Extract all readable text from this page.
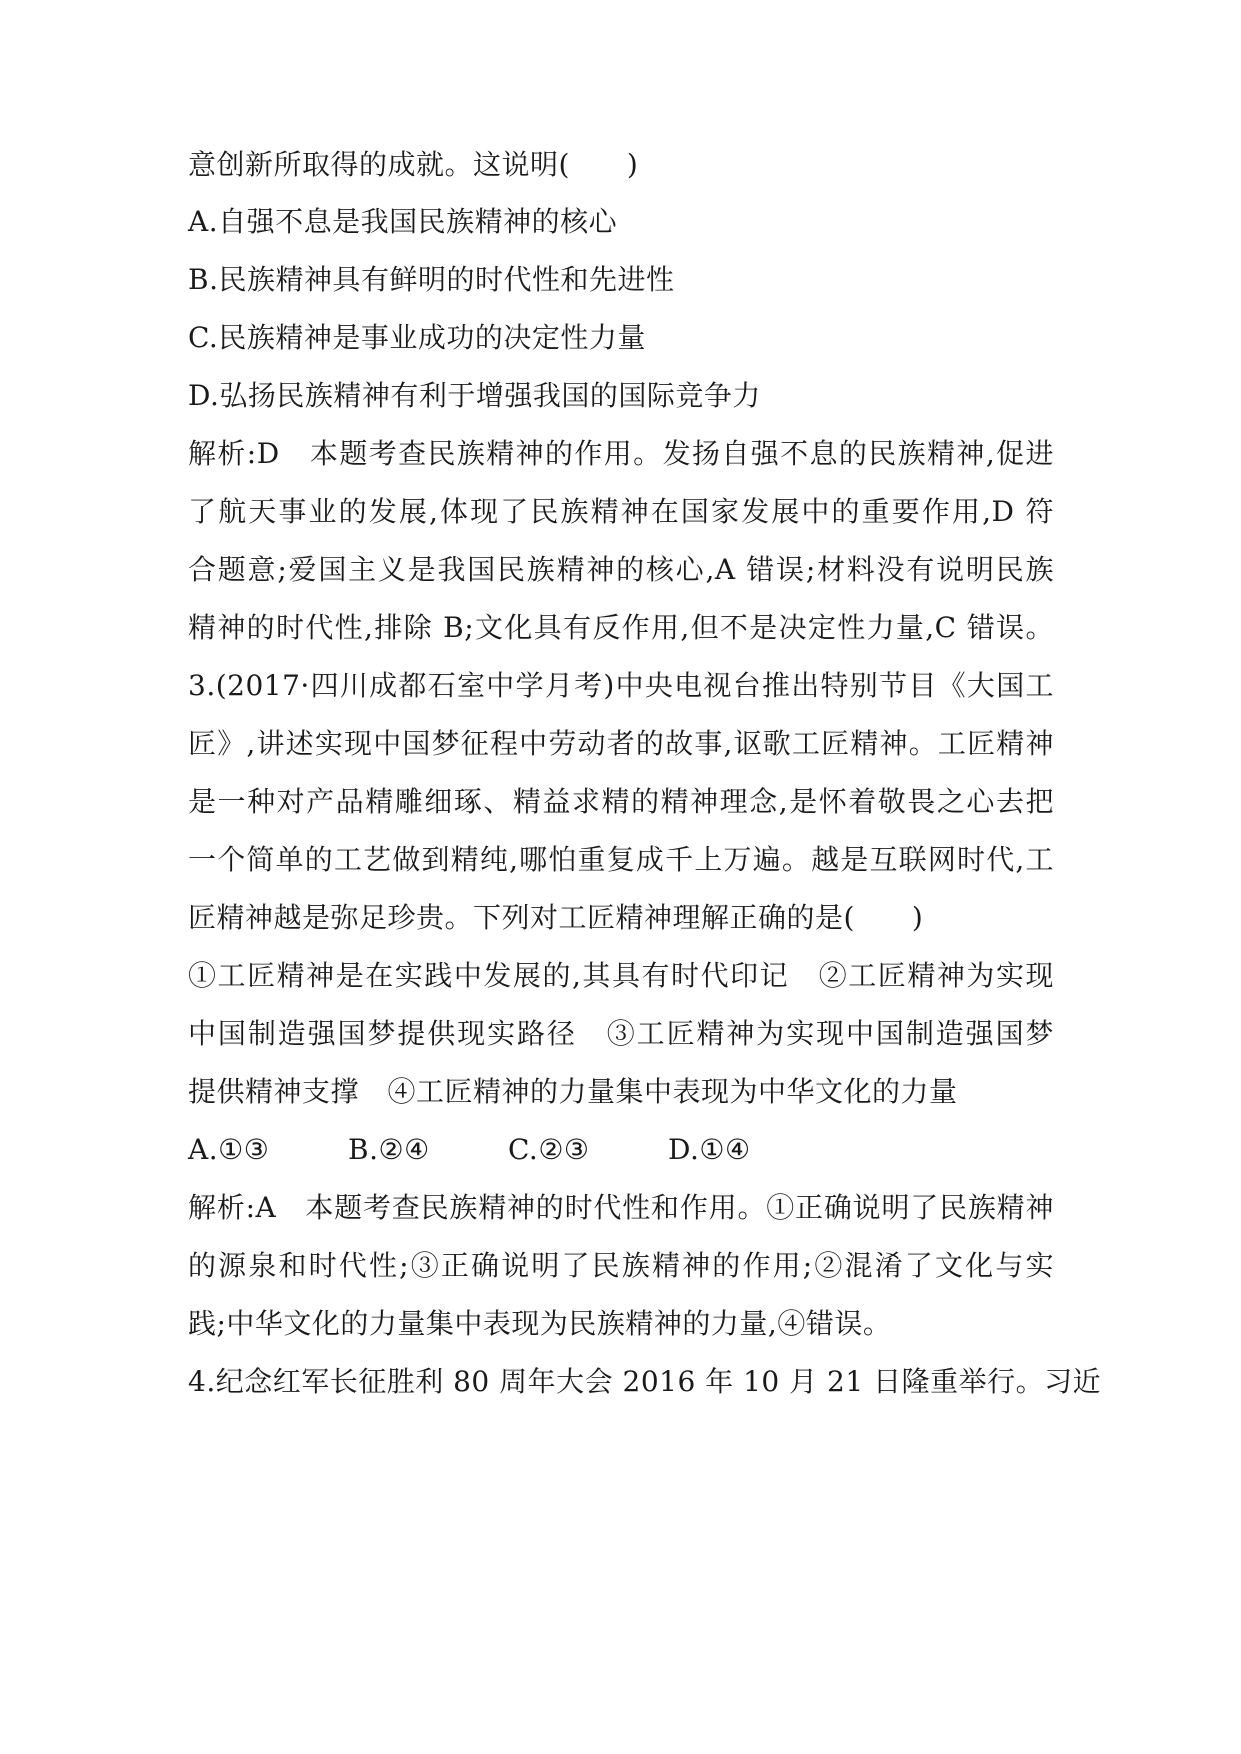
意创新所取得的成就。这说明(　　)
A.自强不息是我国民族精神的核心
B.民族精神具有鲜明的时代性和先进性
C.民族精神是事业成功的决定性力量
D.弘扬民族精神有利于增强我国的国际竞争力
解析:D　本题考查民族精神的作用。发扬自强不息的民族精神,促进
了航天事业的发展,体现了民族精神在国家发展中的重要作用,D 符
合题意;爱国主义是我国民族精神的核心,A 错误;材料没有说明民族
精神的时代性,排除 B;文化具有反作用,但不是决定性力量,C 错误。
3.(2017·四川成都石室中学月考)中央电视台推出特别节目《大国工
匠》,讲述实现中国梦征程中劳动者的故事,讴歌工匠精神。工匠精神
是一种对产品精雕细琢、精益求精的精神理念,是怀着敬畏之心去把
一个简单的工艺做到精纯,哪怕重复成千上万遍。越是互联网时代,工
匠精神越是弥足珍贵。下列对工匠精神理解正确的是(　　)
①工匠精神是在实践中发展的,其具有时代印记　②工匠精神为实现
中国制造强国梦提供现实路径　③工匠精神为实现中国制造强国梦
提供精神支撑　④工匠精神的力量集中表现为中华文化的力量
A.①③	B.②④	C.②③	D.①④
解析:A　本题考查民族精神的时代性和作用。①正确说明了民族精神
的源泉和时代性;③正确说明了民族精神的作用;②混淆了文化与实
践;中华文化的力量集中表现为民族精神的力量,④错误。
4.纪念红军长征胜利 80 周年大会 2016 年 10 月 21 日隆重举行。习近
